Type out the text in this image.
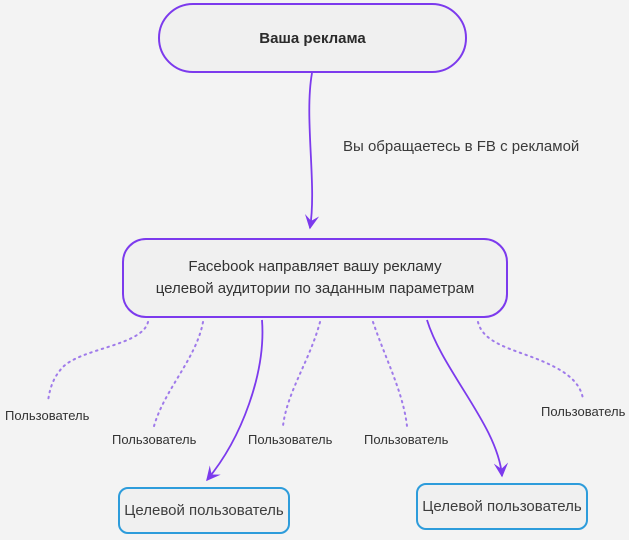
Ваша реклама
Вы обращаетесь в FB с рекламой
Facebook направляет вашу рекламу
целевой аудитории по заданным параметрам
Пользователь
Пользователь	Пользователь Пользователь
Пользователь
Целевой пользователь	Целевой пользователь
